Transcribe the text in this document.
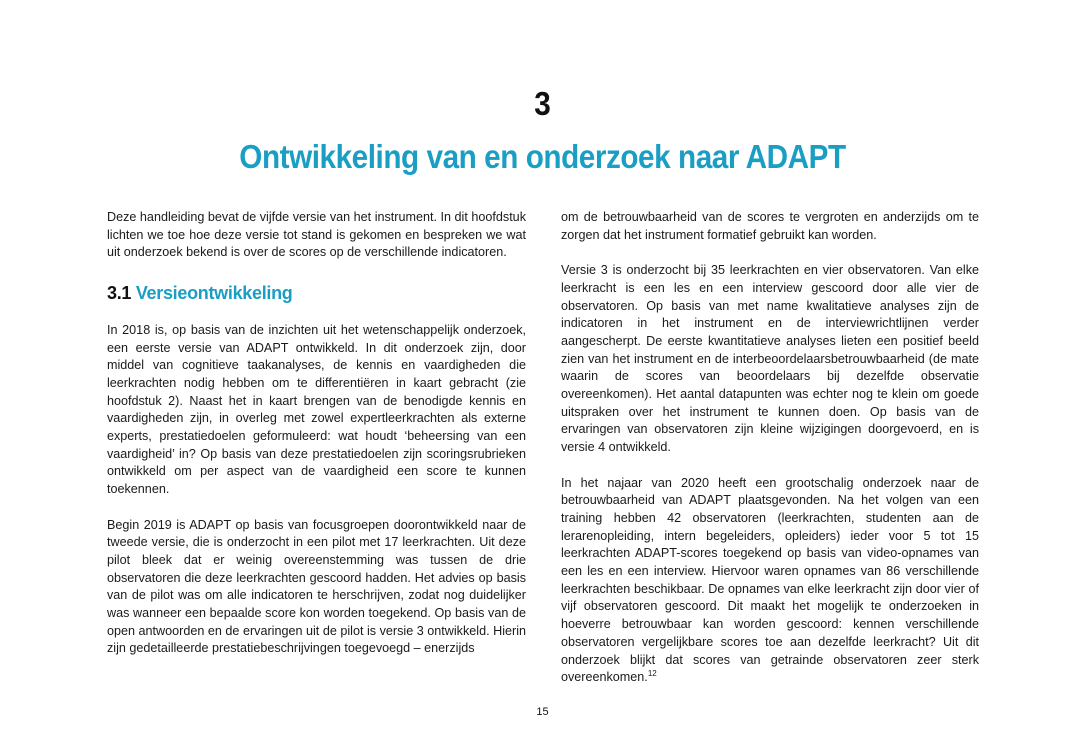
3
Ontwikkeling van en onderzoek naar ADAPT

Deze handleiding bevat de vijfde versie van het instrument. In dit hoofdstuk lichten we toe hoe deze versie tot stand is gekomen en bespreken we wat uit onderzoek bekend is over de scores op de verschillende indicatoren.

3.1 Versieontwikkeling

In 2018 is, op basis van de inzichten uit het wetenschappelijk onderzoek, een eerste versie van ADAPT ontwikkeld. In dit onderzoek zijn, door middel van cognitieve taakanalyses, de kennis en vaardigheden die leerkrachten nodig hebben om te differentiëren in kaart gebracht (zie hoofdstuk 2). Naast het in kaart brengen van de benodigde kennis en vaardigheden zijn, in overleg met zowel expertleerkrachten als externe experts, prestatiedoelen geformuleerd: wat houdt ‘beheersing van een vaardigheid’ in? Op basis van deze prestatiedoelen zijn scoringsrubrieken ontwikkeld om per aspect van de vaardigheid een score te kunnen toekennen.

Begin 2019 is ADAPT op basis van focusgroepen doorontwikkeld naar de tweede versie, die is onderzocht in een pilot met 17 leerkrachten. Uit deze pilot bleek dat er weinig overeenstemming was tussen de drie observatoren die deze leerkrachten gescoord hadden. Het advies op basis van de pilot was om alle indicatoren te herschrijven, zodat nog duidelijker was wanneer een bepaalde score kon worden toegekend. Op basis van de open antwoorden en de ervaringen uit de pilot is versie 3 ontwikkeld. Hierin zijn gedetailleerde prestatiebeschrijvingen toegevoegd – enerzijds

om de betrouwbaarheid van de scores te vergroten en anderzijds om te zorgen dat het instrument formatief gebruikt kan worden.

Versie 3 is onderzocht bij 35 leerkrachten en vier observatoren. Van elke leerkracht is een les en een interview gescoord door alle vier de observatoren. Op basis van met name kwalitatieve analyses zijn de indicatoren in het instrument en de interviewrichtlijnen verder aangescherpt. De eerste kwantitatieve analyses lieten een positief beeld zien van het instrument en de interbeoordelaarsbetrouwbaarheid (de mate waarin de scores van beoordelaars bij dezelfde observatie overeenkomen). Het aantal datapunten was echter nog te klein om goede uitspraken over het instrument te kunnen doen. Op basis van de ervaringen van observatoren zijn kleine wijzigingen doorgevoerd, en is versie 4 ontwikkeld.

In het najaar van 2020 heeft een grootschalig onderzoek naar de betrouwbaarheid van ADAPT plaatsgevonden. Na het volgen van een training hebben 42 observatoren (leerkrachten, studenten aan de lerarenopleiding, intern begeleiders, opleiders) ieder voor 5 tot 15 leerkrachten ADAPT-scores toegekend op basis van video-opnames van een les en een interview. Hiervoor waren opnames van 86 verschillende leerkrachten beschikbaar. De opnames van elke leerkracht zijn door vier of vijf observatoren gescoord. Dit maakt het mogelijk te onderzoeken in hoeverre betrouwbaar kan worden gescoord: kennen verschillende observatoren vergelijkbare scores toe aan dezelfde leerkracht? Uit dit onderzoek blijkt dat scores van getrainde observatoren zeer sterk overeenkomen.$^{12}$

15
